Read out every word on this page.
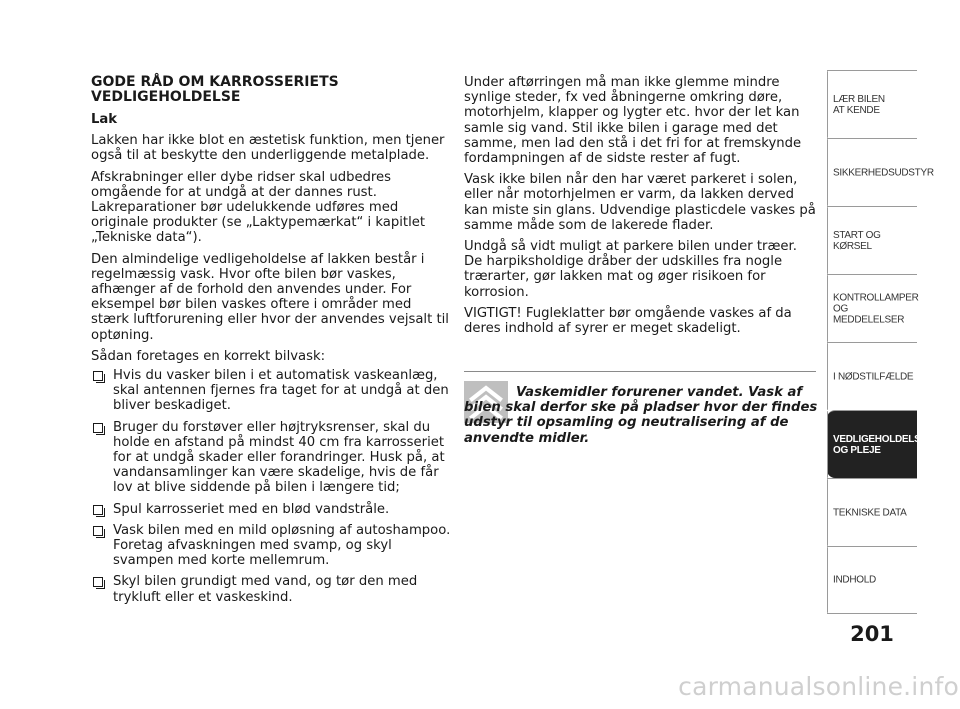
GODE RÅD OM KARROSSERIETS
VEDLIGEHOLDELSE

Lak

Lakken har ikke blot en æstetisk funktion, men tjener også til at beskytte den underliggende metalplade.

Afskrabninger eller dybe ridser skal udbedres omgående for at undgå at der dannes rust. Lakreparationer bør udelukkende udføres med originale produkter (se „Laktypemærkat“ i kapitlet „Tekniske data“).

Den almindelige vedligeholdelse af lakken består i regelmæssig vask. Hvor ofte bilen bør vaskes, afhænger af de forhold den anvendes under. For eksempel bør bilen vaskes oftere i områder med stærk luftforurening eller hvor der anvendes vejsalt til optøning.

Sådan foretages en korrekt bilvask:

Hvis du vasker bilen i et automatisk vaskeanlæg, skal antennen fjernes fra taget for at undgå at den bliver beskadiget.
Bruger du forstøver eller højtryksrenser, skal du holde en afstand på mindst 40 cm fra karrosseriet for at undgå skader eller forandringer. Husk på, at vandansamlinger kan være skadelige, hvis de får lov at blive siddende på bilen i længere tid;
Spul karrosseriet med en blød vandstråle.
Vask bilen med en mild opløsning af autoshampoo. Foretag afvaskningen med svamp, og skyl svampen med korte mellemrum.
Skyl bilen grundigt med vand, og tør den med trykluft eller et vaskeskind.

Under aftørringen må man ikke glemme mindre synlige steder, fx ved åbningerne omkring døre, motorhjelm, klapper og lygter etc. hvor der let kan samle sig vand. Stil ikke bilen i garage med det samme, men lad den stå i det fri for at fremskynde fordampningen af de sidste rester af fugt.

Vask ikke bilen når den har været parkeret i solen, eller når motorhjelmen er varm, da lakken derved kan miste sin glans. Udvendige plasticdele vaskes på samme måde som de lakerede flader.

Undgå så vidt muligt at parkere bilen under træer. De harpiksholdige dråber der udskilles fra nogle trærarter, gør lakken mat og øger risikoen for korrosion.

VIGTIGT! Fugleklatter bør omgående vaskes af da deres indhold af syrer er meget skadeligt.

Vaskemidler forurener vandet. Vask af bilen skal derfor ske på pladser hvor der findes udstyr til opsamling og neutralisering af de anvendte midler.
LÆR BILEN
AT KENDE
SIKKERHEDSUDSTYR
START OG KØRSEL
KONTROLLAMPER
OG MEDDELELSER
I NØDSTILFÆLDE
VEDLIGEHOLDELSE
OG PLEJE
TEKNISKE DATA
INDHOLD
201
carmanualsonline.info
